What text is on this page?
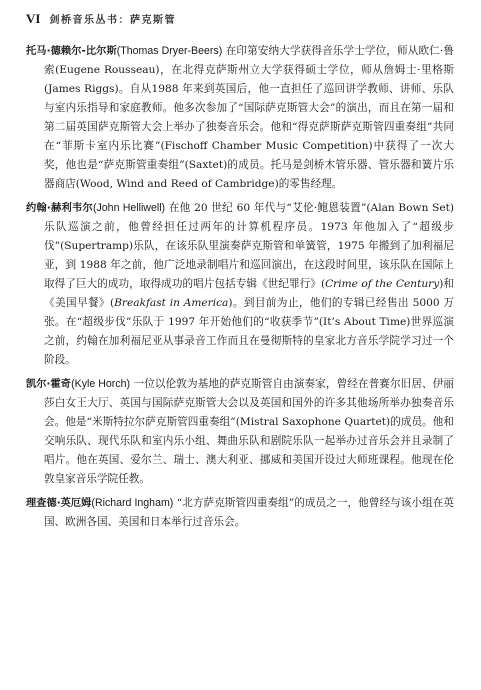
VI 剑桥音乐丛书：萨克斯管

托马·德赖尔-比尔斯(Thomas Dryer-Beers) 在印第安纳大学获得音乐学士学位，师从欧仁·鲁索(Eugene Rousseau)，在北得克萨斯州立大学获得硕士学位，师从詹姆士·里格斯 (James Riggs)。自从1988 年来到英国后，他一直担任了巡回讲学教师、讲师、乐队与室内乐指导和家庭教师。他多次参加了“国际萨克斯管大会”的演出，而且在第一届和第二届英国萨克斯管大会上举办了独奏音乐会。他和“得克萨斯萨克斯管四重奏组”共同在“菲斯卡室内乐比赛”(Fischoff Chamber Music Competition)中获得了一次大奖，他也是“萨克斯管重奏组”(Saxtet)的成员。托马是剑桥木管乐器、管乐器和簧片乐器商店(Wood, Wind and Reed of Cambridge)的零售经理。

约翰·赫利韦尔(John Helliwell) 在他 20 世纪 60 年代与“艾伦·鲍恩装置”(Alan Bown Set)乐队巡演之前，他曾经担任过两年的计算机程序员。1973 年他加入了“超级步伐”(Supertramp)乐队，在该乐队里演奏萨克斯管和单簧管，1975 年搬到了加利福尼亚，到 1988 年之前，他广泛地录制唱片和巡回演出，在这段时间里，该乐队在国际上取得了巨大的成功，取得成功的唱片包括专辑《世纪罪行》(Crime of the Century)和《美国早餐》(Breakfast in America)。到目前为止，他们的专辑已经售出 5000 万张。在“超级步伐”乐队于 1997 年开始他们的“收获季节”(It’s About Time)世界巡演之前，约翰在加利福尼亚从事录音工作而且在曼彻斯特的皇家北方音乐学院学习过一个阶段。

凯尔·霍奇(Kyle Horch) 一位以伦敦为基地的萨克斯管自由演奏家，曾经在普赛尔旧居、伊丽莎白女王大厅、英国与国际萨克斯管大会以及英国和国外的许多其他场所举办独奏音乐会。他是“米斯特拉尔萨克斯管四重奏组”(Mistral Saxophone Quartet)的成员。他和交响乐队、现代乐队和室内乐小组、舞曲乐队和剧院乐队一起举办过音乐会并且录制了唱片。他在英国、爱尔兰、瑞士、澳大利亚、挪威和美国开设过大师班课程。他现在伦敦皇家音乐学院任教。

理查德·英厄姆(Richard Ingham) “北方萨克斯管四重奏组”的成员之一，他曾经与该小组在英国、欧洲各国、美国和日本举行过音乐会。
